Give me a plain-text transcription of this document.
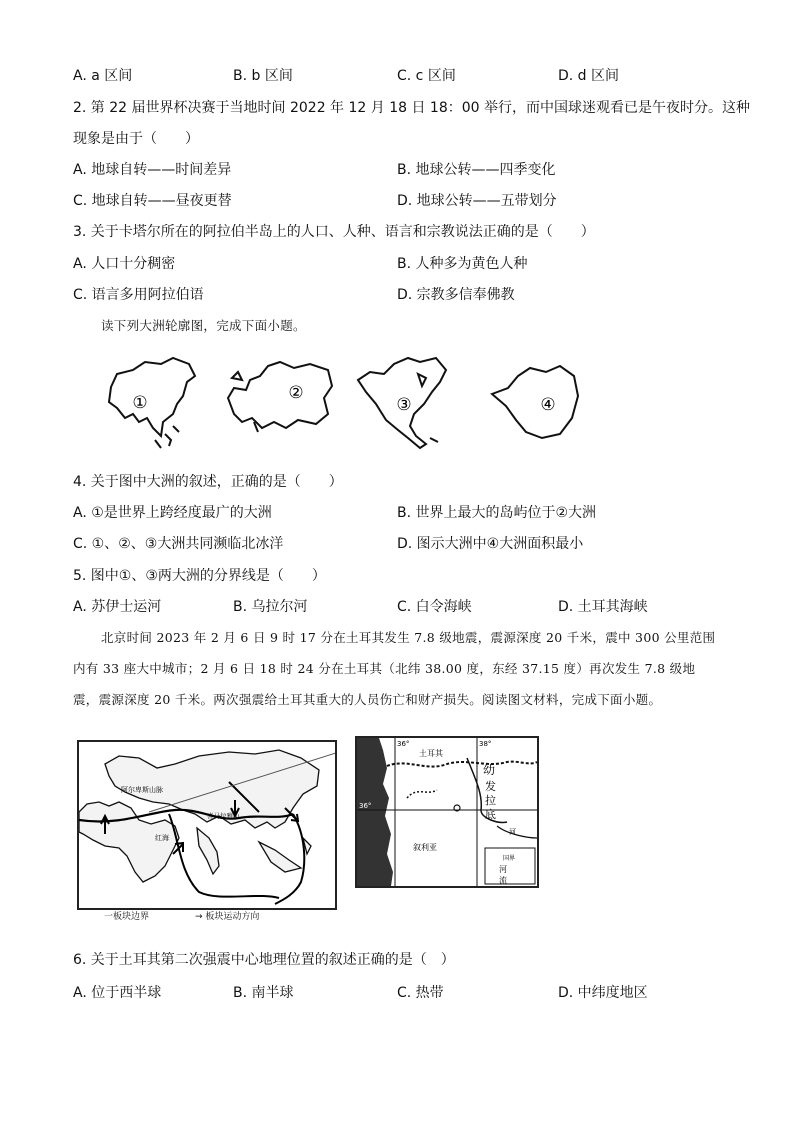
A. a 区间	B. b 区间	C. c 区间	D. d 区间
2. 第 22 届世界杯决赛于当地时间 2022 年 12 月 18 日 18：00 举行，而中国球迷观看已是午夜时分。这种
现象是由于（　　）
A. 地球自转——时间差异	B. 地球公转——四季变化
C. 地球自转——昼夜更替	D. 地球公转——五带划分
3. 关于卡塔尔所在的阿拉伯半岛上的人口、人种、语言和宗教说法正确的是（　　）
A. 人口十分稠密	B. 人种多为黄色人种
C. 语言多用阿拉伯语	D. 宗教多信奉佛教
读下列大洲轮廓图，完成下面小题。
①	②
③	④
4. 关于图中大洲的叙述，正确的是（　　）
A. ①是世界上跨经度最广的大洲	B. 世界上最大的岛屿位于②大洲
C. ①、②、③大洲共同濒临北冰洋	D. 图示大洲中④大洲面积最小
5. 图中①、③两大洲的分界线是（　　）
A. 苏伊士运河	B. 乌拉尔河	C. 白令海峡	D. 土耳其海峡
北京时间 2023 年 2 月 6 日 9 时 17 分在土耳其发生 7.8 级地震，震源深度 20 千米，震中 300 公里范围
内有 33 座大中城市；2 月 6 日 18 时 24 分在土耳其（北纬 38.00 度，东经 37.15 度）再次发生 7.8 级地
震，震源深度 20 千米。两次强震给土耳其重大的人员伤亡和财产损失。阅读图文材料，完成下面小题。
阿尔卑斯山脉
喜马拉雅山
红海
一板块边界	→ 板块运动方向
36°	38°
36°
土耳其
叙利亚
幼
发
拉
底
河
国界
河
流
6. 关于土耳其第二次强震中心地理位置的叙述正确的是（　）
A. 位于西半球	B. 南半球	C. 热带	D. 中纬度地区
